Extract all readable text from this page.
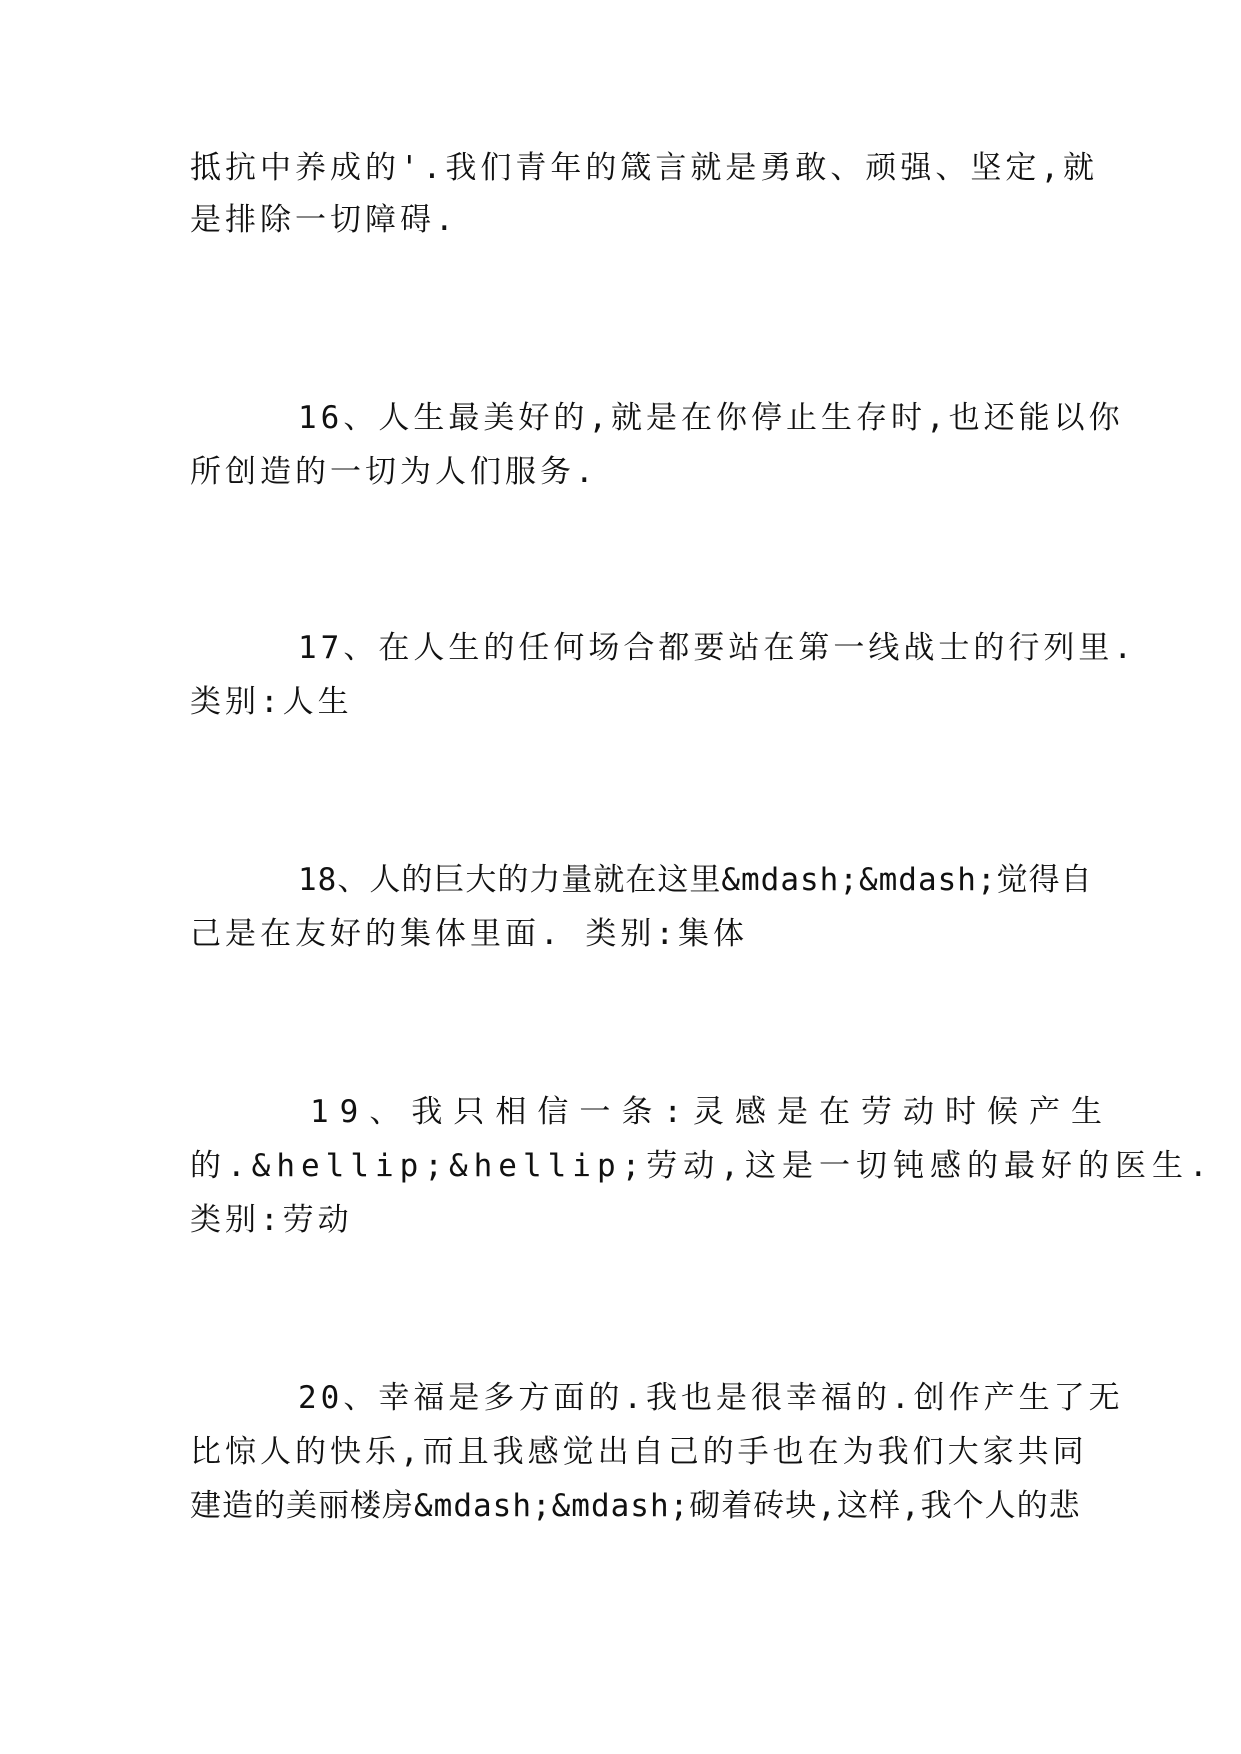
抵抗中养成的'.我们青年的箴言就是勇敢、顽强、坚定,就
是排除一切障碍.
16、人生最美好的,就是在你停止生存时,也还能以你
所创造的一切为人们服务.
17、在人生的任何场合都要站在第一线战士的行列里.
类别:人生
18、人的巨大的力量就在这里&mdash;&mdash;觉得自
己是在友好的集体里面. 类别:集体
19、我只相信一条:灵感是在劳动时候产生
的.&hellip;&hellip;劳动,这是一切钝感的最好的医生.
类别:劳动
20、幸福是多方面的.我也是很幸福的.创作产生了无
比惊人的快乐,而且我感觉出自己的手也在为我们大家共同
建造的美丽楼房&mdash;&mdash;砌着砖块,这样,我个人的悲
